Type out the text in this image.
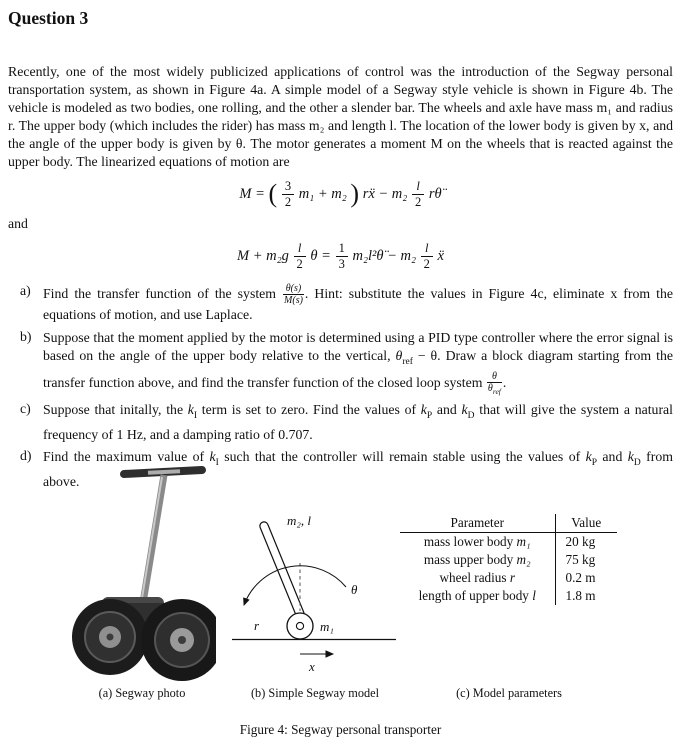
Question 3

Recently, one of the most widely publicized applications of control was the introduction of the Segway personal transportation system, as shown in Figure 4a. A simple model of a Segway style vehicle is shown in Figure 4b. The vehicle is modeled as two bodies, one rolling, and the other a slender bar. The wheels and axle have mass m₁ and radius r. The upper body (which includes the rider) has mass m₂ and length l. The location of the lower body is given by x, and the angle of the upper body is given by θ. The motor generates a moment M on the wheels that is reacted against the upper body. The linearized equations of motion are

M = ( $\frac{3}{2} m_1 + m_2$ ) rẍ − $m_2 \frac{l}{2}$ rθ̈

and

$M + m_2g \frac{l}{2}$ $\theta = \frac{1}{3}$ m₂l²θ̈ − $m_2 \frac{l}{2}$ ẍ
a) Find the transfer function of the system $\frac{\theta(s)}{M(s)}$ . Hint: substitute the values in Figure 4c, eliminate x from the equations of motion, and use Laplace.
b) Suppose that the moment applied by the motor is determined using a PID type controller where the error signal is based on the angle of the upper body relative to the vertical, $\theta_{ref} - \theta$. Draw a block diagram starting from the transfer function above, and find the transfer function of the closed loop system θ
$\theta_{ref}$
.
c) Suppose that initally, the $k_I$ term is set to zero. Find the values of $k_P$ and $k_D$ that will give the system a natural frequency of 1 Hz, and a damping ratio of 0.707.
d) Find the maximum value of $k_I$ such that the controller will remain stable using the values of $k_P$ and $k_D$ from above.
m₂, l
θ
r	m₁
x
Parameter	Value
mass lower body m₁	20 kg
mass upper body m₂	75 kg
wheel radius r	0.2 m
length of upper body l	1.8 m
(a) Segway photo	(b) Simple Segway model	(c) Model parameters
Figure 4: Segway personal transporter
